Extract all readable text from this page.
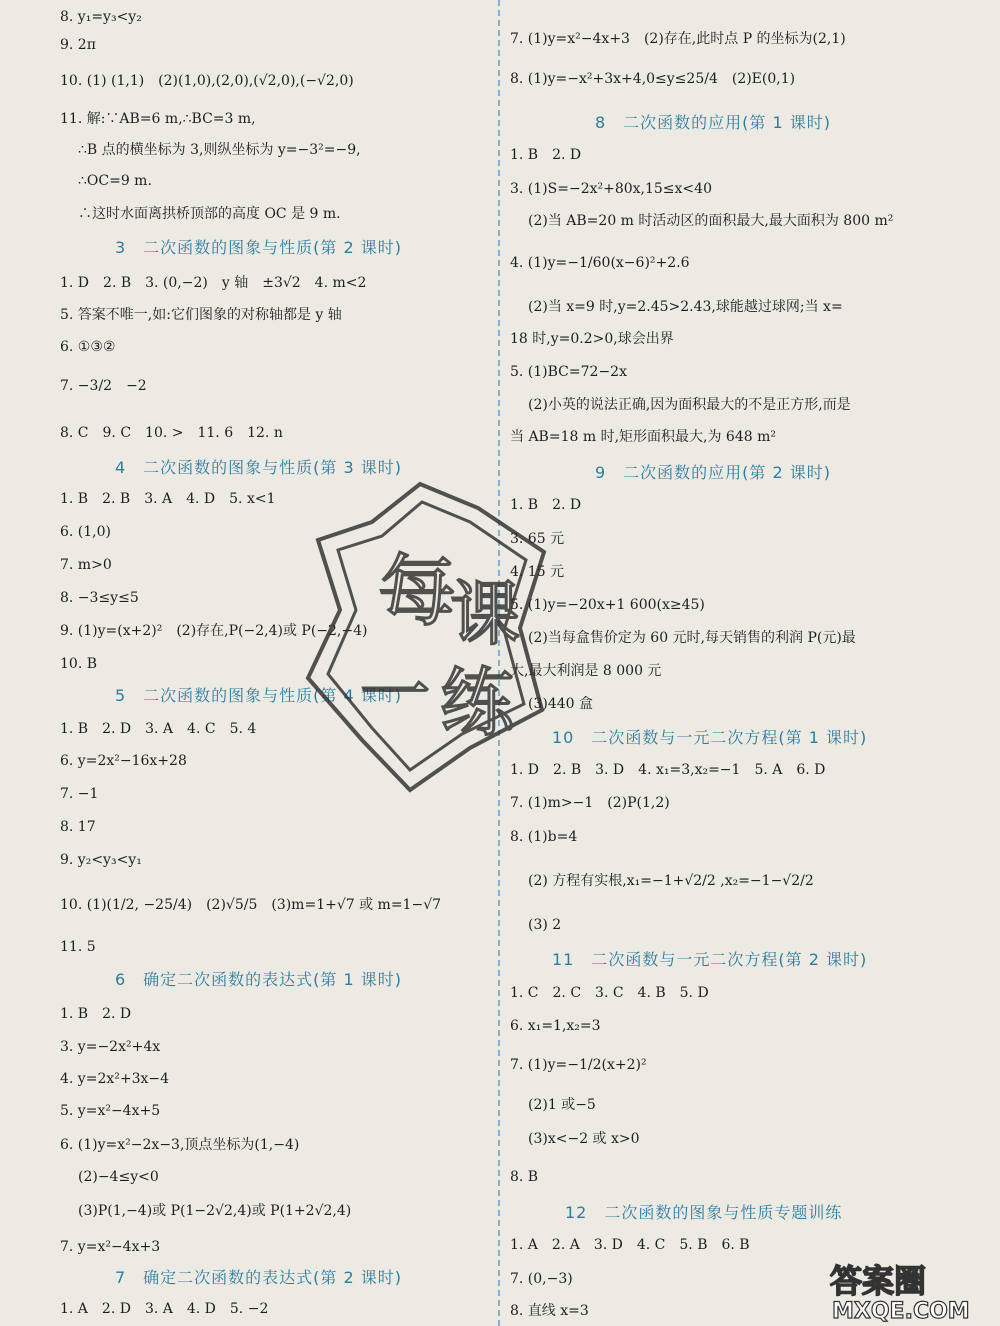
8. y₁=y₃<y₂
9. 2π
10. (1) (1,1)　(2)(1,0),(2,0),(√2,0),(−√2,0)
11. 解:∵AB=6 m,∴BC=3 m,
∴B 点的横坐标为 3,则纵坐标为 y=−3²=−9,
∴OC=9 m.
∴这时水面离拱桥顶部的高度 OC 是 9 m.
3　二次函数的图象与性质(第 2 课时)
1. D　2. B　3. (0,−2)　y 轴　±3√2　4. m<2
5. 答案不唯一,如:它们图象的对称轴都是 y 轴
6. ①③②
7. −3/2　−2
8. C　9. C　10. >　11. 6　12. n
4　二次函数的图象与性质(第 3 课时)
1. B　2. B　3. A　4. D　5. x<1
6. (1,0)
7. m>0
8. −3≤y≤5
9. (1)y=(x+2)²　(2)存在,P(−2,4)或 P(−2,−4)
10. B
5　二次函数的图象与性质(第 4 课时)
1. B　2. D　3. A　4. C　5. 4
6. y=2x²−16x+28
7. −1
8. 17
9. y₂<y₃<y₁
10. (1)(1/2, −25/4)　(2)√5/5　(3)m=1+√7 或 m=1−√7
11. 5
6　确定二次函数的表达式(第 1 课时)
1. B　2. D
3. y=−2x²+4x
4. y=2x²+3x−4
5. y=x²−4x+5
6. (1)y=x²−2x−3,顶点坐标为(1,−4)
(2)−4≤y<0
(3)P(1,−4)或 P(1−2√2,4)或 P(1+2√2,4)
7. y=x²−4x+3
7　确定二次函数的表达式(第 2 课时)
1. A　2. D　3. A　4. D　5. −2
7. (1)y=x²−4x+3　(2)存在,此时点 P 的坐标为(2,1)
8. (1)y=−x²+3x+4,0≤y≤25/4　(2)E(0,1)
8　二次函数的应用(第 1 课时)
1. B　2. D
3. (1)S=−2x²+80x,15≤x<40
(2)当 AB=20 m 时活动区的面积最大,最大面积为 800 m²
4. (1)y=−1/60(x−6)²+2.6
(2)当 x=9 时,y=2.45>2.43,球能越过球网;当 x=
18 时,y=0.2>0,球会出界
5. (1)BC=72−2x
(2)小英的说法正确,因为面积最大的不是正方形,而是
当 AB=18 m 时,矩形面积最大,为 648 m²
9　二次函数的应用(第 2 课时)
1. B　2. D
3. 65 元
4. 15 元
5. (1)y=−20x+1 600(x≥45)
(2)当每盒售价定为 60 元时,每天销售的利润 P(元)最
大,最大利润是 8 000 元
(3)440 盒
10　二次函数与一元二次方程(第 1 课时)
1. D　2. B　3. D　4. x₁=3,x₂=−1　5. A　6. D
7. (1)m>−1　(2)P(1,2)
8. (1)b=4
(2) 方程有实根,x₁=−1+√2/2 ,x₂=−1−√2/2
(3) 2
11　二次函数与一元二次方程(第 2 课时)
1. C　2. C　3. C　4. B　5. D
6. x₁=1,x₂=3
7. (1)y=−1/2(x+2)²
(2)1 或−5
(3)x<−2 或 x>0
8. B
12　二次函数的图象与性质专题训练
1. A　2. A　3. D　4. C　5. B　6. B
7. (0,−3)
8. 直线 x=3
每
课
一 练
答案圈
MXQE.COM
